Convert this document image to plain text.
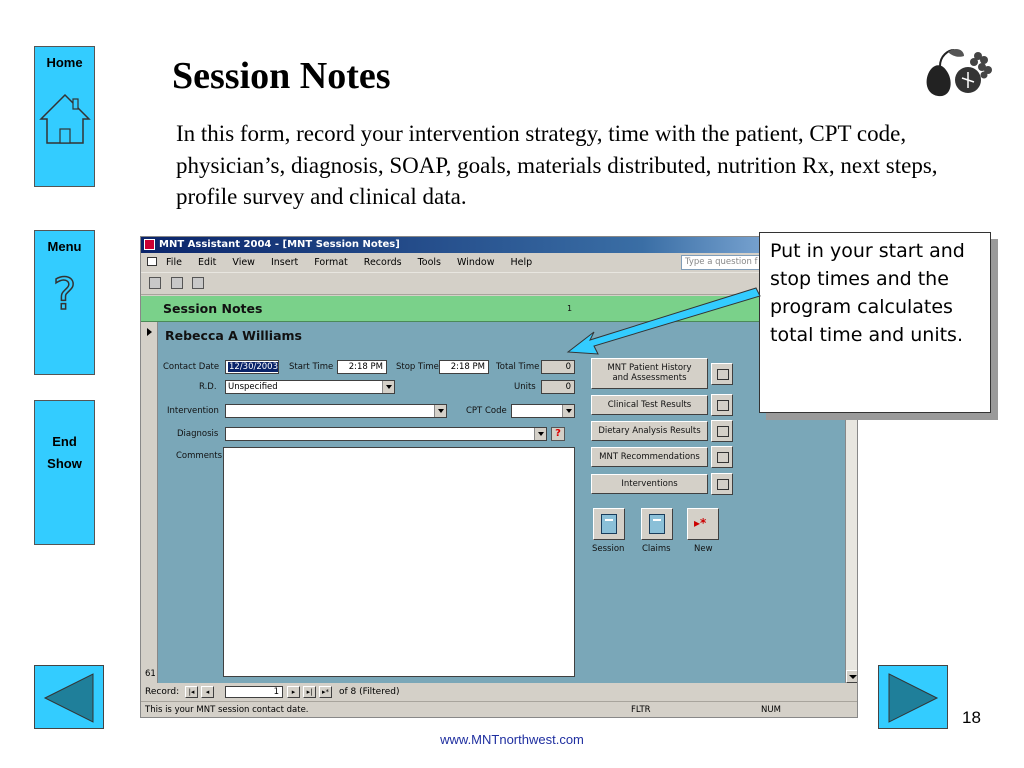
Home
Menu
?
End
Show
Session Notes
In this form, record your intervention strategy, time with the patient, CPT code, physician’s, diagnosis, SOAP, goals, materials distributed, nutrition Rx, next steps, profile survey and clinical data.
MNT Assistant 2004 - [MNT Session Notes]
File Edit View Insert Format Records Tools Window Help	Type a question f

Session Notes	1
61
Rebecca A Williams
Contact Date	12/30/2003 Start Time	2:18 PM	Stop Time	2:18 PM	Total Time	0
R.D.	Unspecified	Units	0
Intervention	CPT Code
Diagnosis	?
Comments
MNT Patient History
and Assessments
Clinical Test Results
Dietary Analysis Results
MNT Recommendations
Interventions
▸*
Session Claims	New
Record:	|◂	◂	1	▸	▸|	▸*	of 8 (Filtered)
This is your MNT session contact date.	FLTR	NUM
Put in your start and stop times and the program calculates total time and units.
18
www.MNTnorthwest.com
